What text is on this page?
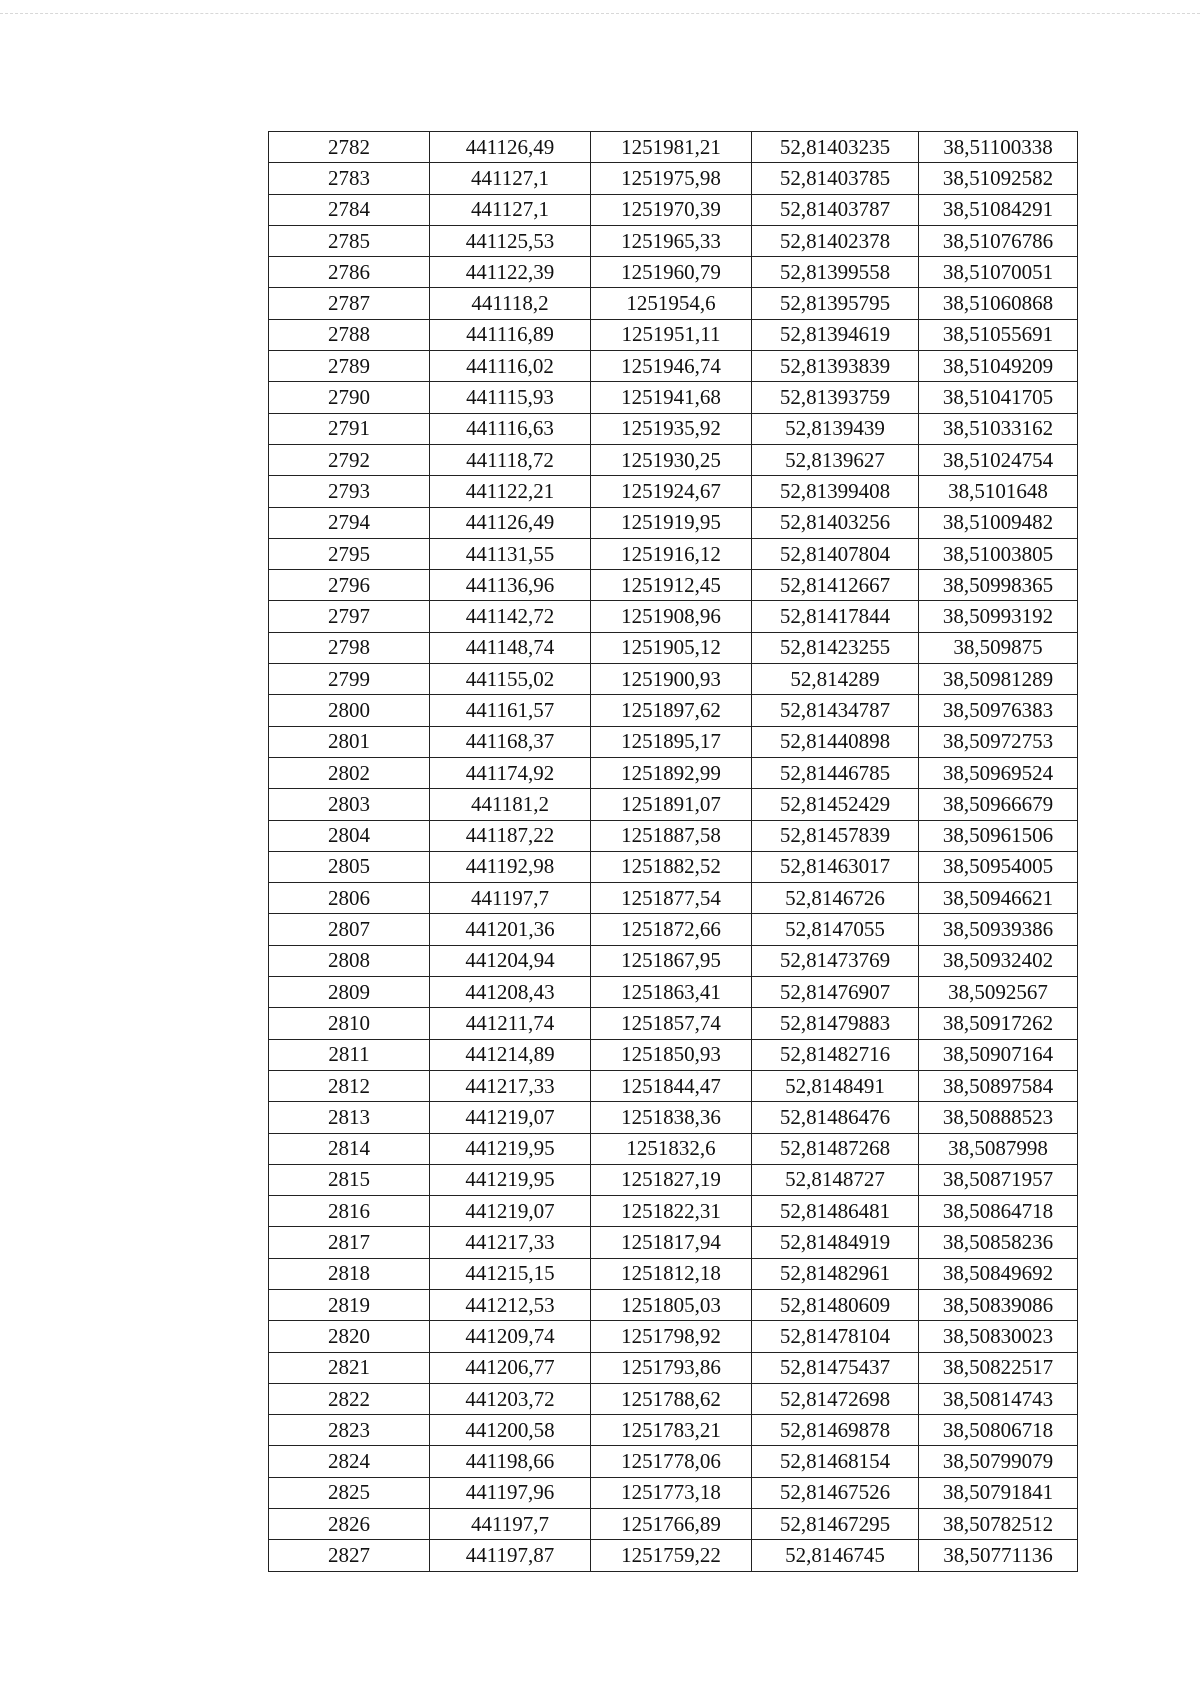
2782	441126,49	1251981,21	52,81403235	38,51100338
2783	441127,1	1251975,98	52,81403785	38,51092582
2784	441127,1	1251970,39	52,81403787	38,51084291
2785	441125,53	1251965,33	52,81402378	38,51076786
2786	441122,39	1251960,79	52,81399558	38,51070051
2787	441118,2	1251954,6	52,81395795	38,51060868
2788	441116,89	1251951,11	52,81394619	38,51055691
2789	441116,02	1251946,74	52,81393839	38,51049209
2790	441115,93	1251941,68	52,81393759	38,51041705
2791	441116,63	1251935,92	52,8139439	38,51033162
2792	441118,72	1251930,25	52,8139627	38,51024754
2793	441122,21	1251924,67	52,81399408	38,5101648
2794	441126,49	1251919,95	52,81403256	38,51009482
2795	441131,55	1251916,12	52,81407804	38,51003805
2796	441136,96	1251912,45	52,81412667	38,50998365
2797	441142,72	1251908,96	52,81417844	38,50993192
2798	441148,74	1251905,12	52,81423255	38,509875
2799	441155,02	1251900,93	52,814289	38,50981289
2800	441161,57	1251897,62	52,81434787	38,50976383
2801	441168,37	1251895,17	52,81440898	38,50972753
2802	441174,92	1251892,99	52,81446785	38,50969524
2803	441181,2	1251891,07	52,81452429	38,50966679
2804	441187,22	1251887,58	52,81457839	38,50961506
2805	441192,98	1251882,52	52,81463017	38,50954005
2806	441197,7	1251877,54	52,8146726	38,50946621
2807	441201,36	1251872,66	52,8147055	38,50939386
2808	441204,94	1251867,95	52,81473769	38,50932402
2809	441208,43	1251863,41	52,81476907	38,5092567
2810	441211,74	1251857,74	52,81479883	38,50917262
2811	441214,89	1251850,93	52,81482716	38,50907164
2812	441217,33	1251844,47	52,8148491	38,50897584
2813	441219,07	1251838,36	52,81486476	38,50888523
2814	441219,95	1251832,6	52,81487268	38,5087998
2815	441219,95	1251827,19	52,8148727	38,50871957
2816	441219,07	1251822,31	52,81486481	38,50864718
2817	441217,33	1251817,94	52,81484919	38,50858236
2818	441215,15	1251812,18	52,81482961	38,50849692
2819	441212,53	1251805,03	52,81480609	38,50839086
2820	441209,74	1251798,92	52,81478104	38,50830023
2821	441206,77	1251793,86	52,81475437	38,50822517
2822	441203,72	1251788,62	52,81472698	38,50814743
2823	441200,58	1251783,21	52,81469878	38,50806718
2824	441198,66	1251778,06	52,81468154	38,50799079
2825	441197,96	1251773,18	52,81467526	38,50791841
2826	441197,7	1251766,89	52,81467295	38,50782512
2827	441197,87	1251759,22	52,8146745	38,50771136
